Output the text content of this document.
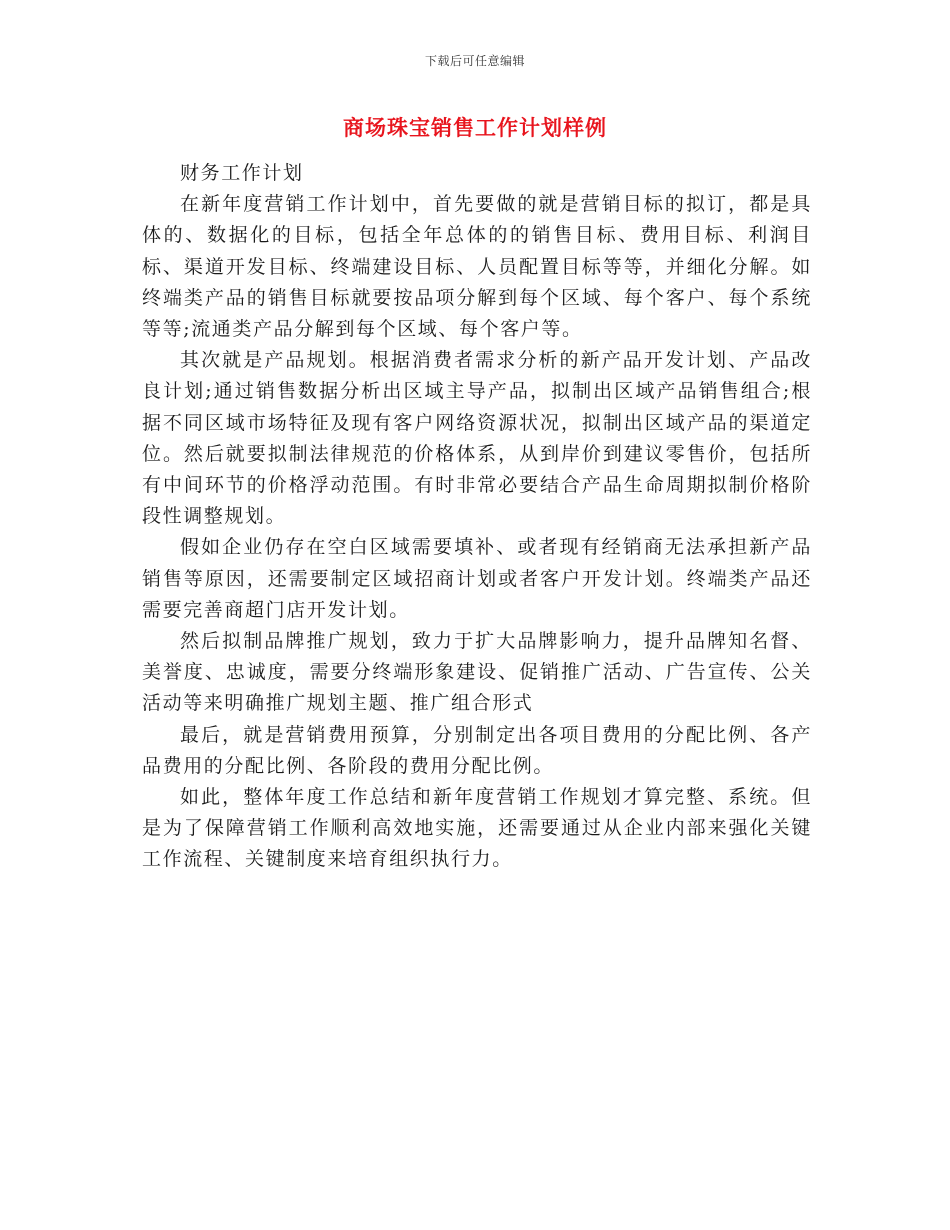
下载后可任意编辑
商场珠宝销售工作计划样例

财务工作计划

在新年度营销工作计划中，首先要做的就是营销目标的拟订，都是具体的、数据化的目标，包括全年总体的的销售目标、费用目标、利润目标、渠道开发目标、终端建设目标、人员配置目标等等，并细化分解。如终端类产品的销售目标就要按品项分解到每个区域、每个客户、每个系统等等;流通类产品分解到每个区域、每个客户等。

其次就是产品规划。根据消费者需求分析的新产品开发计划、产品改良计划;通过销售数据分析出区域主导产品，拟制出区域产品销售组合;根据不同区域市场特征及现有客户网络资源状况，拟制出区域产品的渠道定位。然后就要拟制法律规范的价格体系，从到岸价到建议零售价，包括所有中间环节的价格浮动范围。有时非常必要结合产品生命周期拟制价格阶段性调整规划。

假如企业仍存在空白区域需要填补、或者现有经销商无法承担新产品销售等原因，还需要制定区域招商计划或者客户开发计划。终端类产品还需要完善商超门店开发计划。

然后拟制品牌推广规划，致力于扩大品牌影响力，提升品牌知名督、美誉度、忠诚度，需要分终端形象建设、促销推广活动、广告宣传、公关活动等来明确推广规划主题、推广组合形式

最后，就是营销费用预算，分别制定出各项目费用的分配比例、各产品费用的分配比例、各阶段的费用分配比例。

如此，整体年度工作总结和新年度营销工作规划才算完整、系统。但是为了保障营销工作顺利高效地实施，还需要通过从企业内部来强化关键工作流程、关键制度来培育组织执行力。
